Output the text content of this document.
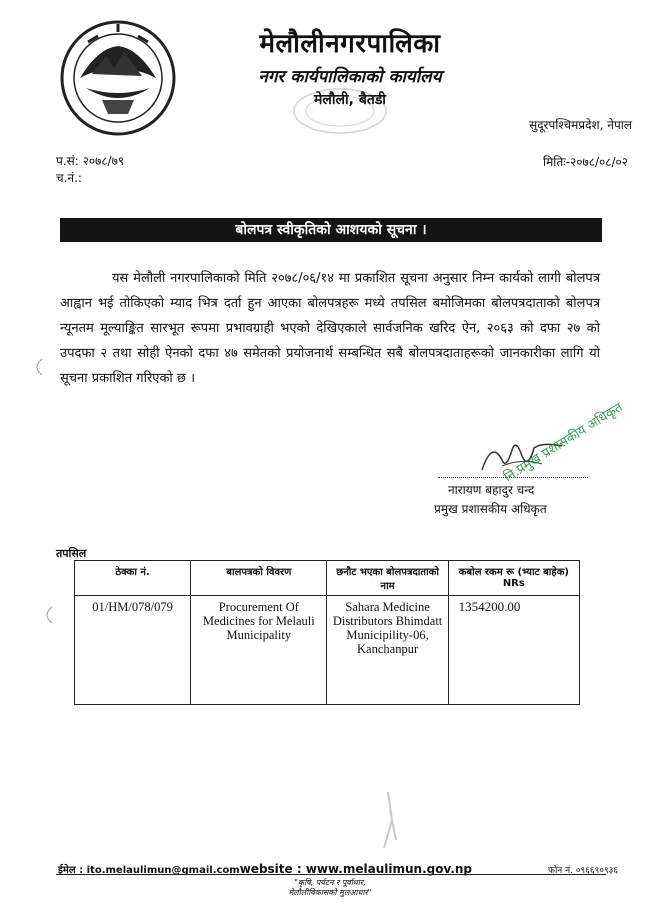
मेलौलीनगरपालिका
नगर कार्यपालिकाको कार्यालय
मेलौली, बैतडी
सुदूरपश्चिमप्रदेश, नेपाल
प.सं: २०७८/७९
च.नं.:
मितिः-२०७८/०८/०२
बोलपत्र स्वीकृतिको आशयको सूचना ।

यस मेलौली नगरपालिकाको मिति २०७८/०६/१४ मा प्रकाशित सूचना अनुसार निम्न कार्यको लागी बोलपत्र आह्वान भई तोकिएको म्याद भित्र दर्ता हुन आएका बोलपत्रहरू मध्ये तपसिल बमोजिमका बोलपत्रदाताको बोलपत्र न्यूनतम मूल्याङ्कित सारभूत रूपमा प्रभावग्राही भएको देखिएकाले सार्वजनिक खरिद ऐन, २०६३ को दफा २७ को उपदफा २ तथा सोही ऐनको दफा ४७ समेतको प्रयोजनार्थ सम्बन्धित सबै बोलपत्रदाताहरूको जानकारीका लागि यो सूचना प्रकाशित गरिएको छ ।

नारायण बहादुर चन्द
प्रमुख प्रशासकीय अधिकृत
नि.प्रमुख प्रशासकीय अधिकृत
तपसिल
ठेक्का नं.	बालपत्रको विवरण	छनौट भएका बोलपत्रदाताको नाम	कबोल रकम रू (भ्याट बाहेक) NRs
01/HM/078/079	Procurement Of Medicines for Melauli Municipality	Sahara Medicine Distributors Bhimdatt Municipility-06, Kanchanpur	1354200.00
ईमेल : ito.melaulimun@gmail.comwebsite : www.melaulimun.gov.np	फोन नं. ०९६६९०९३६
"कृषि, पर्यटन र पूर्वाधार, मेलौलीविकासको मुलआधार"
